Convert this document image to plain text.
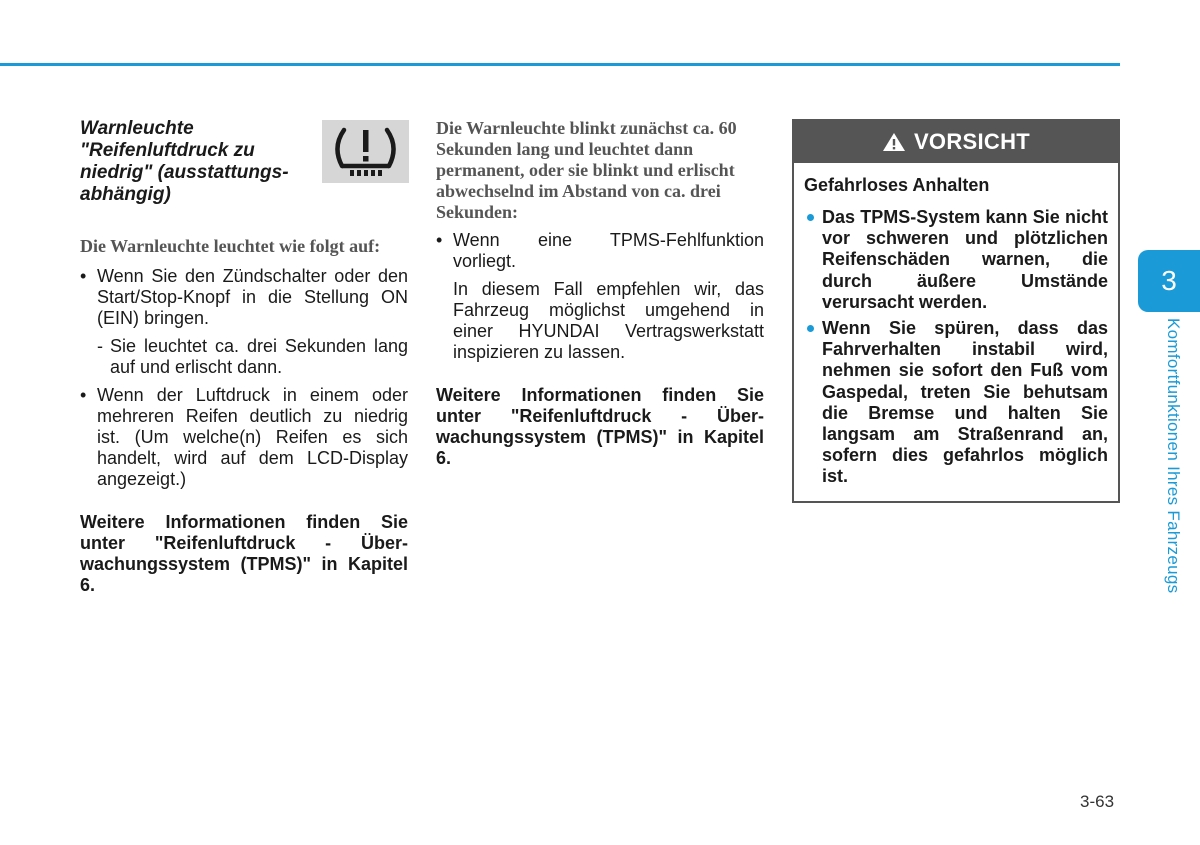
Warnleuchte "Reifenluftdruck zu niedrig" (ausstattungs-abhängig)
Die Warnleuchte leuchtet wie folgt auf:
• Wenn Sie den Zündschalter oder den Start/Stop-Knopf in die Stellung ON (EIN) bringen.
- Sie leuchtet ca. drei Sekunden lang auf und erlischt dann.
• Wenn der Luftdruck in einem oder mehreren Reifen deutlich zu niedrig ist. (Um welche(n) Reifen es sich handelt, wird auf dem LCD-Display angezeigt.)
Weitere Informationen finden Sie unter "Reifenluftdruck - Über-wachungssystem (TPMS)" in Kapitel 6.
Die Warnleuchte blinkt zunächst ca. 60 Sekunden lang und leuchtet dann permanent, oder sie blinkt und erlischt abwechselnd im Abstand von ca. drei Sekunden:
• Wenn eine TPMS-Fehlfunktion vorliegt.
In diesem Fall empfehlen wir, das Fahrzeug möglichst umgehend in einer HYUNDAI Vertragswerkstatt inspizieren zu lassen.
Weitere Informationen finden Sie unter "Reifenluftdruck - Über-wachungssystem (TPMS)" in Kapitel 6.
VORSICHT
Gefahrloses Anhalten
Das TPMS-System kann Sie nicht vor schweren und plötzlichen Reifenschäden warnen, die durch äußere Umstände verursacht werden.
Wenn Sie spüren, dass das Fahrverhalten instabil wird, nehmen sie sofort den Fuß vom Gaspedal, treten Sie behutsam die Bremse und halten Sie langsam am Straßenrand an, sofern dies gefahrlos möglich ist.
3
Komfortfunktionen Ihres Fahrzeugs
3-63
